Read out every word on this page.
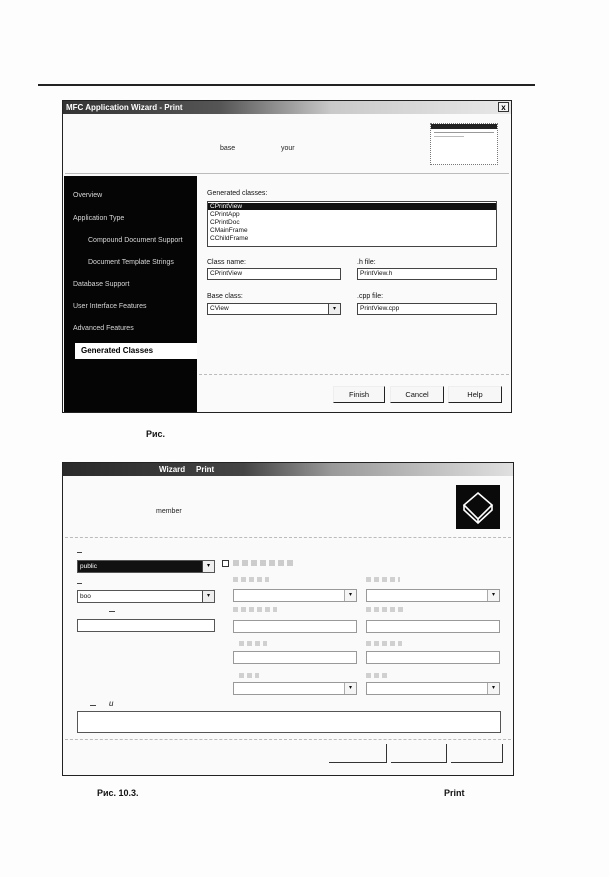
MFC Application Wizard - Print	x
base	your
Overview
Application Type
Compound Document Support
Document Template Strings
Database Support
User Interface Features
Advanced Features
Generated Classes
Generated classes:
CPrintView
CPrintApp
CPrintDoc
CMainFrame
CChildFrame
Class name:
CPrintView
.h file:
PrintView.h
Base class:
CView	▾
.cpp file:
PrintView.cpp
Finish	Cancel	Help
Рис.
Wizard Print
member
public	▾
boo	▾	▾	▾
▾	▾
u
Рис. 10.3.	Print
